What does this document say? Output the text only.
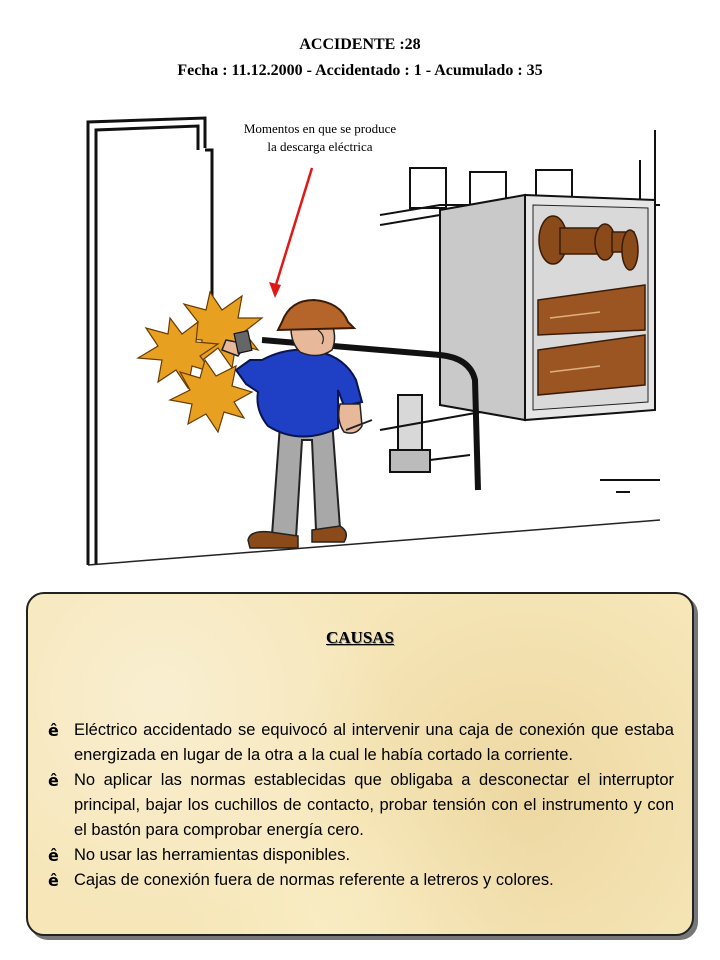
ACCIDENTE :28
Fecha : 11.12.2000 - Accidentado : 1 - Acumulado : 35
Momentos en que se produce
la descarga eléctrica
CAUSAS
ê Eléctrico accidentado se equivocó al intervenir una caja de conexión que estaba energizada en lugar de la otra a la cual le había cortado la corriente.
ê No aplicar las normas establecidas que obligaba a desconectar el interruptor principal, bajar los cuchillos de contacto, probar tensión con el instrumento y con el bastón para comprobar energía cero.
ê No usar las herramientas disponibles.
ê Cajas de conexión fuera de normas referente a letreros y colores.
